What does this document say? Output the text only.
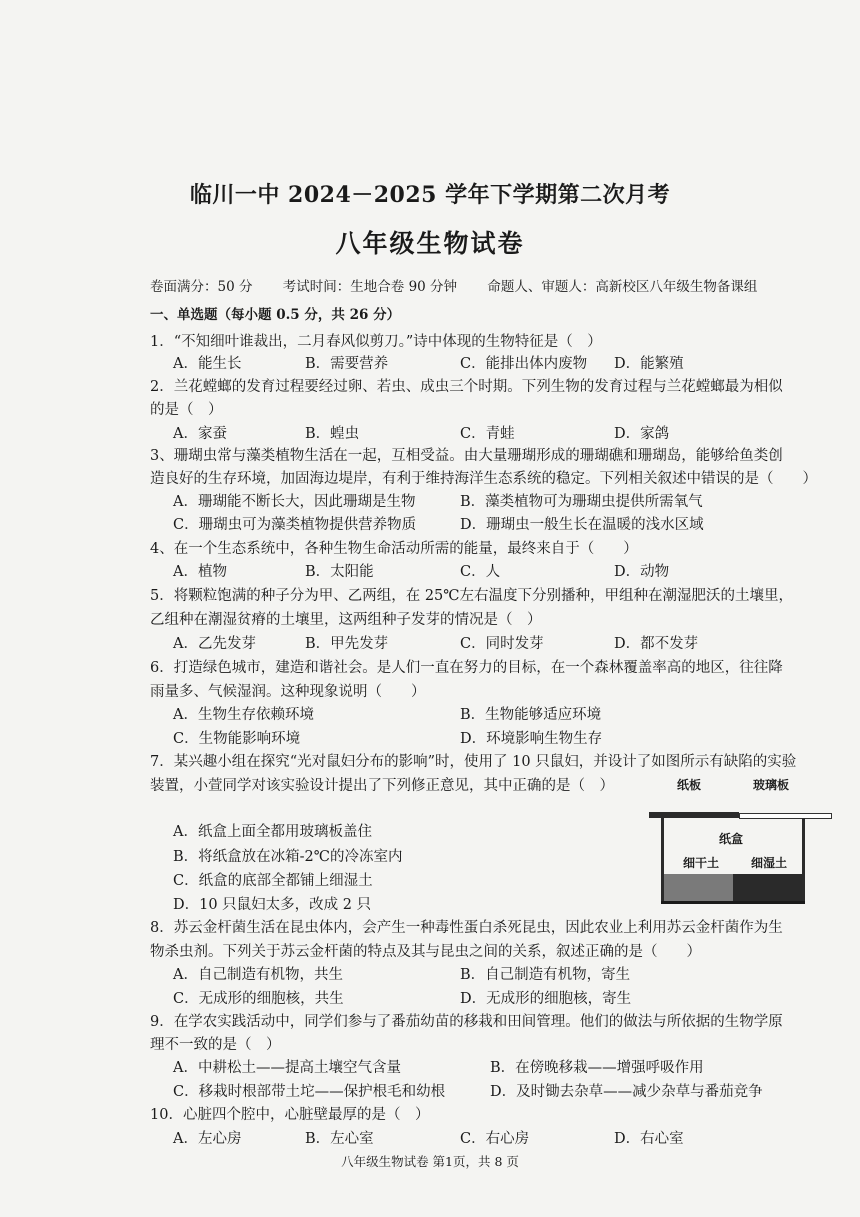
临川一中 2024－2025 学年下学期第二次月考
八年级生物试卷
卷面满分：50 分 考试时间：生地合卷 90 分钟 命题人、审题人：高新校区八年级生物备课组
一、单选题（每小题 0.5 分，共 26 分）
1．“不知细叶谁裁出，二月春风似剪刀。”诗中体现的生物特征是（　）
A．能生长	B．需要营养	C．能排出体内废物 D．能繁殖
2．兰花螳螂的发育过程要经过卵、若虫、成虫三个时期。下列生物的发育过程与兰花螳螂最为相似
的是（　）
A．家蚕	B．蝗虫	C．青蛙	D．家鸽
3、珊瑚虫常与藻类植物生活在一起，互相受益。由大量珊瑚形成的珊瑚礁和珊瑚岛，能够给鱼类创
造良好的生存环境，加固海边堤岸，有利于维持海洋生态系统的稳定。下列相关叙述中错误的是（　　）
A．珊瑚能不断长大，因此珊瑚是生物	B．藻类植物可为珊瑚虫提供所需氧气
C．珊瑚虫可为藻类植物提供营养物质	D．珊瑚虫一般生长在温暖的浅水区域
4、在一个生态系统中，各种生物生命活动所需的能量，最终来自于（　　）
A．植物	B．太阳能	C．人	D．动物
5．将颗粒饱满的种子分为甲、乙两组，在 25℃左右温度下分别播种，甲组种在潮湿肥沃的土壤里，
乙组种在潮湿贫瘠的土壤里，这两组种子发芽的情况是（　）
A．乙先发芽	B．甲先发芽	C．同时发芽	D．都不发芽
6．打造绿色城市，建造和谐社会。是人们一直在努力的目标，在一个森林覆盖率高的地区，往往降
雨量多、气候湿润。这种现象说明（　　）
A．生物生存依赖环境	B．生物能够适应环境
C．生物能影响环境	D．环境影响生物生存
7．某兴趣小组在探究“光对鼠妇分布的影响”时，使用了 10 只鼠妇，并设计了如图所示有缺陷的实验
装置，小萱同学对该实验设计提出了下列修正意见，其中正确的是（　）
A．纸盒上面全都用玻璃板盖住
B．将纸盒放在冰箱-2℃的冷冻室内
C．纸盒的底部全都铺上细湿土
D．10 只鼠妇太多，改成 2 只
纸板	玻璃板
纸盒
细干土	细湿土
8．苏云金杆菌生活在昆虫体内，会产生一种毒性蛋白杀死昆虫，因此农业上利用苏云金杆菌作为生
物杀虫剂。下列关于苏云金杆菌的特点及其与昆虫之间的关系，叙述正确的是（　　）
A．自己制造有机物，共生	B．自己制造有机物，寄生
C．无成形的细胞核，共生	D．无成形的细胞核，寄生
9．在学农实践活动中，同学们参与了番茄幼苗的移栽和田间管理。他们的做法与所依据的生物学原
理不一致的是（　）
A．中耕松土——提高土壤空气含量	B．在傍晚移栽——增强呼吸作用
C．移栽时根部带土坨——保护根毛和幼根	D．及时锄去杂草——减少杂草与番茄竞争
10．心脏四个腔中，心脏壁最厚的是（　）
A．左心房	B．左心室	C．右心房	D．右心室
八年级生物试卷 第1页，共 8 页
